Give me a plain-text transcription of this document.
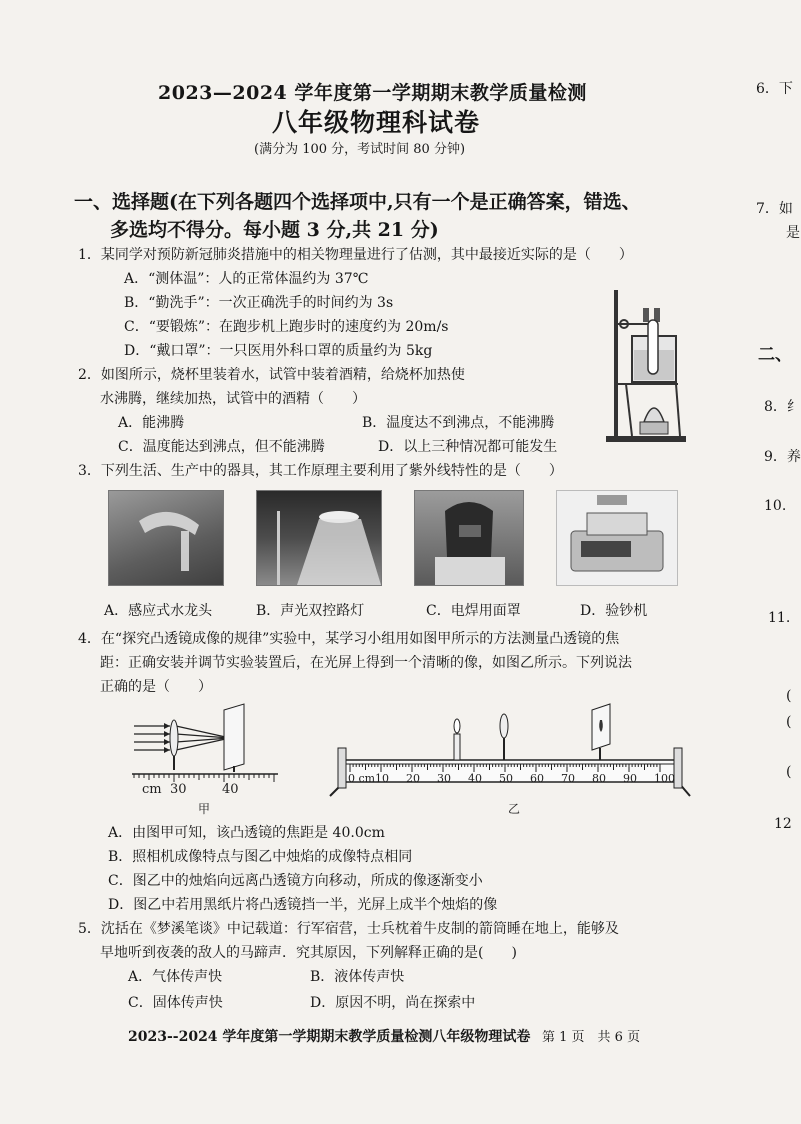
2023—2024 学年度第一学期期末教学质量检测
八年级物理科试卷
(满分为 100 分，考试时间 80 分钟)
一、选择题(在下列各题四个选择项中,只有一个是正确答案，错选、
多选均不得分。每小题 3 分,共 21 分)
1．某同学对预防新冠肺炎措施中的相关物理量进行了估测，其中最接近实际的是（　　）
A．“测体温”：人的正常体温约为 37℃
B．“勤洗手”：一次正确洗手的时间约为 3s
C．“要锻炼”：在跑步机上跑步时的速度约为 20m/s
D．“戴口罩”：一只医用外科口罩的质量约为 5kg
2．如图所示，烧杯里装着水，试管中装着酒精，给烧杯加热使
水沸腾，继续加热，试管中的酒精（　　）
A．能沸腾	B．温度达不到沸点，不能沸腾
C．温度能达到沸点，但不能沸腾	D．以上三种情况都可能发生
3．下列生活、生产中的器具，其工作原理主要利用了紫外线特性的是（　　）
A．感应式水龙头	B．声光双控路灯	C．电焊用面罩	D．验钞机
4．在“探究凸透镜成像的规律”实验中，某学习小组用如图甲所示的方法测量凸透镜的焦
距：正确安装并调节实验装置后，在光屏上得到一个清晰的像，如图乙所示。下列说法
正确的是（　　）
cm 30	40
甲
0 cm 10 20 30 40 50 60 70 80 90 100
乙
A．由图甲可知，该凸透镜的焦距是 40.0cm
B．照相机成像特点与图乙中烛焰的成像特点相同
C．图乙中的烛焰向远离凸透镜方向移动，所成的像逐渐变小
D．图乙中若用黑纸片将凸透镜挡一半，光屏上成半个烛焰的像
5．沈括在《梦溪笔谈》中记载道：行军宿营，士兵枕着牛皮制的箭筒睡在地上，能够及
早地听到夜袭的敌人的马蹄声．究其原因，下列解释正确的是(　　)
A．气体传声快	B．液体传声快
C．固体传声快	D．原因不明，尚在探索中
2023--2024 学年度第一学期期末教学质量检测八年级物理试卷 第 1 页　共 6 页
6．下
7．如
是
二、
8．纟
9．养
10.
11.
(
(
(
12
